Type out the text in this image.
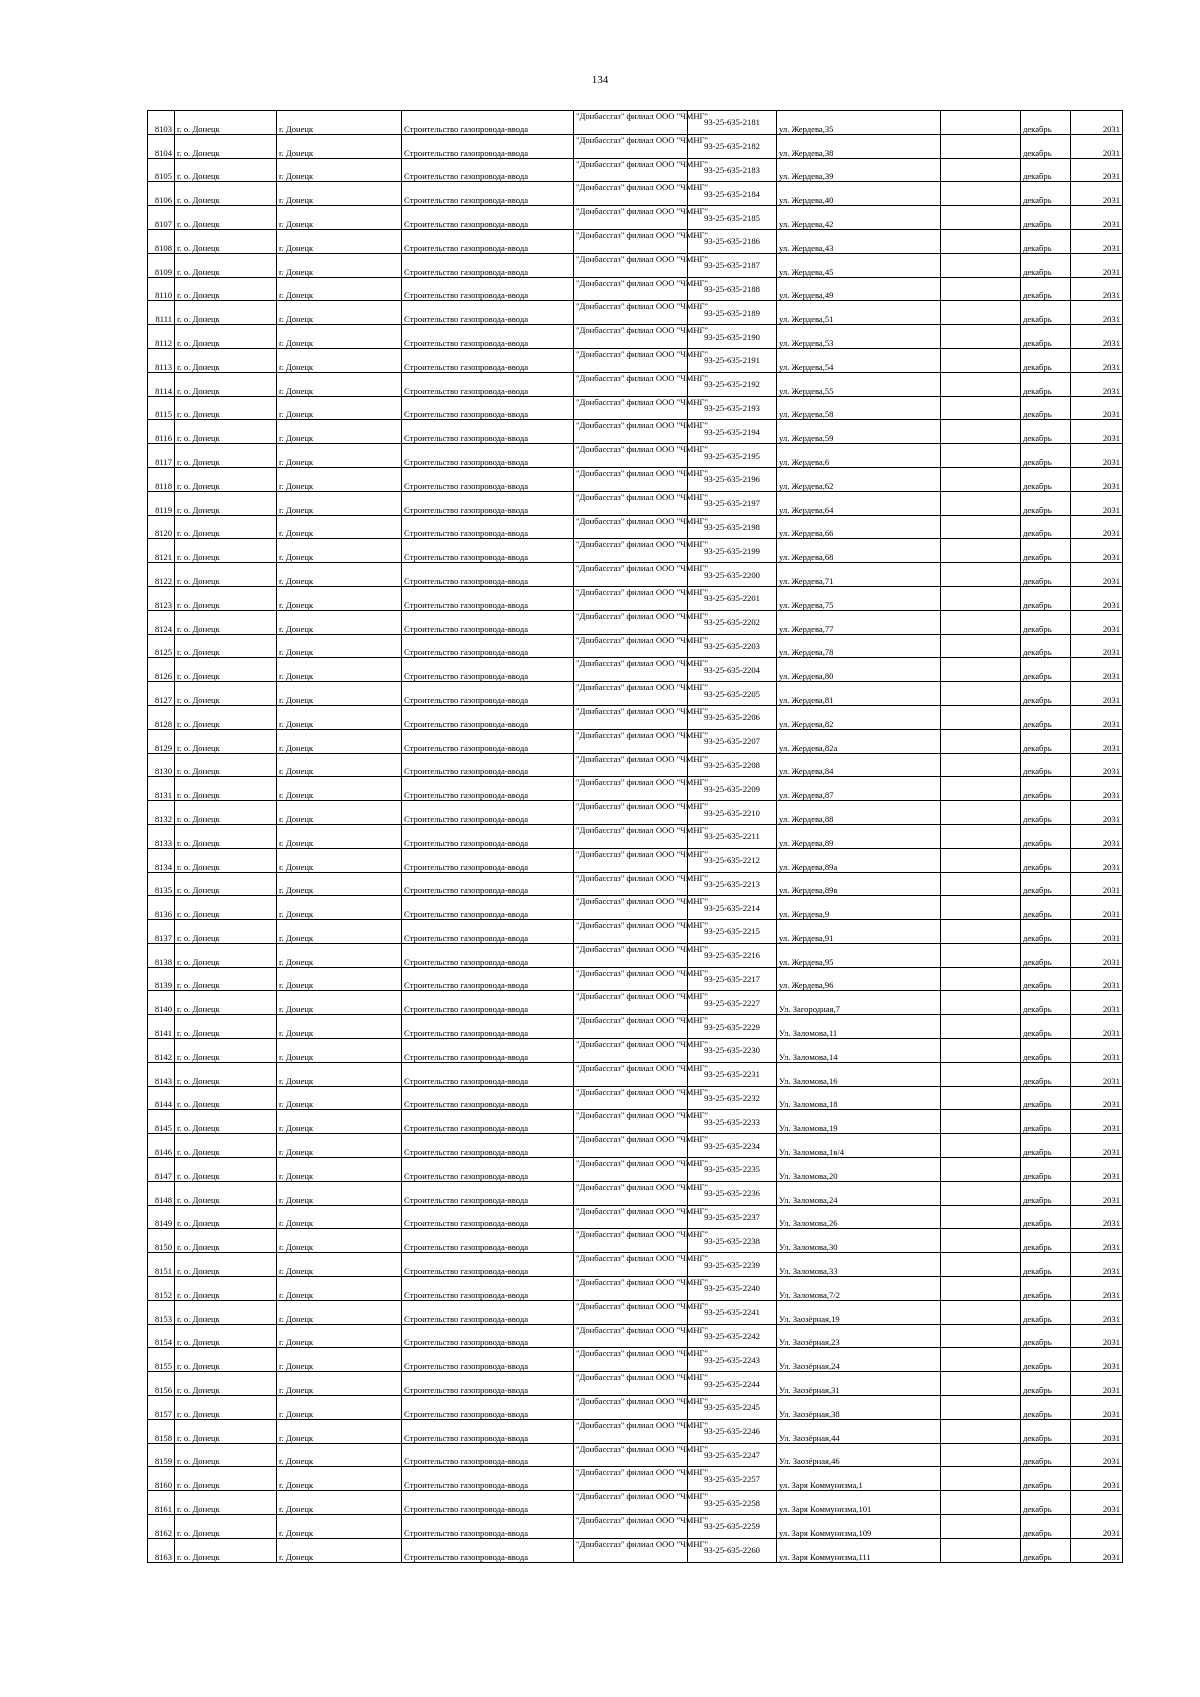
134
8103	г. о. Донецк	г. Донецк	Строительство газопровода-ввода	"Донбассгаз" филиал ООО "ЧМНГ"	93-25-635-2181	ул. Жердева,35		декабрь	2031
8104	г. о. Донецк	г. Донецк	Строительство газопровода-ввода	"Донбассгаз" филиал ООО "ЧМНГ"	93-25-635-2182	ул. Жердева,38		декабрь	2031
8105	г. о. Донецк	г. Донецк	Строительство газопровода-ввода	"Донбассгаз" филиал ООО "ЧМНГ"	93-25-635-2183	ул. Жердева,39		декабрь	2031
8106	г. о. Донецк	г. Донецк	Строительство газопровода-ввода	"Донбассгаз" филиал ООО "ЧМНГ"	93-25-635-2184	ул. Жердева,40		декабрь	2031
8107	г. о. Донецк	г. Донецк	Строительство газопровода-ввода	"Донбассгаз" филиал ООО "ЧМНГ"	93-25-635-2185	ул. Жердева,42		декабрь	2031
8108	г. о. Донецк	г. Донецк	Строительство газопровода-ввода	"Донбассгаз" филиал ООО "ЧМНГ"	93-25-635-2186	ул. Жердева,43		декабрь	2031
8109	г. о. Донецк	г. Донецк	Строительство газопровода-ввода	"Донбассгаз" филиал ООО "ЧМНГ"	93-25-635-2187	ул. Жердева,45		декабрь	2031
8110	г. о. Донецк	г. Донецк	Строительство газопровода-ввода	"Донбассгаз" филиал ООО "ЧМНГ"	93-25-635-2188	ул. Жердева,49		декабрь	2031
8111	г. о. Донецк	г. Донецк	Строительство газопровода-ввода	"Донбассгаз" филиал ООО "ЧМНГ"	93-25-635-2189	ул. Жердева,51		декабрь	2031
8112	г. о. Донецк	г. Донецк	Строительство газопровода-ввода	"Донбассгаз" филиал ООО "ЧМНГ"	93-25-635-2190	ул. Жердева,53		декабрь	2031
8113	г. о. Донецк	г. Донецк	Строительство газопровода-ввода	"Донбассгаз" филиал ООО "ЧМНГ"	93-25-635-2191	ул. Жердева,54		декабрь	2031
8114	г. о. Донецк	г. Донецк	Строительство газопровода-ввода	"Донбассгаз" филиал ООО "ЧМНГ"	93-25-635-2192	ул. Жердева,55		декабрь	2031
8115	г. о. Донецк	г. Донецк	Строительство газопровода-ввода	"Донбассгаз" филиал ООО "ЧМНГ"	93-25-635-2193	ул. Жердева,58		декабрь	2031
8116	г. о. Донецк	г. Донецк	Строительство газопровода-ввода	"Донбассгаз" филиал ООО "ЧМНГ"	93-25-635-2194	ул. Жердева,59		декабрь	2031
8117	г. о. Донецк	г. Донецк	Строительство газопровода-ввода	"Донбассгаз" филиал ООО "ЧМНГ"	93-25-635-2195	ул. Жердева,6		декабрь	2031
8118	г. о. Донецк	г. Донецк	Строительство газопровода-ввода	"Донбассгаз" филиал ООО "ЧМНГ"	93-25-635-2196	ул. Жердева,62		декабрь	2031
8119	г. о. Донецк	г. Донецк	Строительство газопровода-ввода	"Донбассгаз" филиал ООО "ЧМНГ"	93-25-635-2197	ул. Жердева,64		декабрь	2031
8120	г. о. Донецк	г. Донецк	Строительство газопровода-ввода	"Донбассгаз" филиал ООО "ЧМНГ"	93-25-635-2198	ул. Жердева,66		декабрь	2031
8121	г. о. Донецк	г. Донецк	Строительство газопровода-ввода	"Донбассгаз" филиал ООО "ЧМНГ"	93-25-635-2199	ул. Жердева,68		декабрь	2031
8122	г. о. Донецк	г. Донецк	Строительство газопровода-ввода	"Донбассгаз" филиал ООО "ЧМНГ"	93-25-635-2200	ул. Жердева,71		декабрь	2031
8123	г. о. Донецк	г. Донецк	Строительство газопровода-ввода	"Донбассгаз" филиал ООО "ЧМНГ"	93-25-635-2201	ул. Жердева,75		декабрь	2031
8124	г. о. Донецк	г. Донецк	Строительство газопровода-ввода	"Донбассгаз" филиал ООО "ЧМНГ"	93-25-635-2202	ул. Жердева,77		декабрь	2031
8125	г. о. Донецк	г. Донецк	Строительство газопровода-ввода	"Донбассгаз" филиал ООО "ЧМНГ"	93-25-635-2203	ул. Жердева,78		декабрь	2031
8126	г. о. Донецк	г. Донецк	Строительство газопровода-ввода	"Донбассгаз" филиал ООО "ЧМНГ"	93-25-635-2204	ул. Жердева,80		декабрь	2031
8127	г. о. Донецк	г. Донецк	Строительство газопровода-ввода	"Донбассгаз" филиал ООО "ЧМНГ"	93-25-635-2205	ул. Жердева,81		декабрь	2031
8128	г. о. Донецк	г. Донецк	Строительство газопровода-ввода	"Донбассгаз" филиал ООО "ЧМНГ"	93-25-635-2206	ул. Жердева,82		декабрь	2031
8129	г. о. Донецк	г. Донецк	Строительство газопровода-ввода	"Донбассгаз" филиал ООО "ЧМНГ"	93-25-635-2207	ул. Жердева,82а		декабрь	2031
8130	г. о. Донецк	г. Донецк	Строительство газопровода-ввода	"Донбассгаз" филиал ООО "ЧМНГ"	93-25-635-2208	ул. Жердева,84		декабрь	2031
8131	г. о. Донецк	г. Донецк	Строительство газопровода-ввода	"Донбассгаз" филиал ООО "ЧМНГ"	93-25-635-2209	ул. Жердева,87		декабрь	2031
8132	г. о. Донецк	г. Донецк	Строительство газопровода-ввода	"Донбассгаз" филиал ООО "ЧМНГ"	93-25-635-2210	ул. Жердева,88		декабрь	2031
8133	г. о. Донецк	г. Донецк	Строительство газопровода-ввода	"Донбассгаз" филиал ООО "ЧМНГ"	93-25-635-2211	ул. Жердева,89		декабрь	2031
8134	г. о. Донецк	г. Донецк	Строительство газопровода-ввода	"Донбассгаз" филиал ООО "ЧМНГ"	93-25-635-2212	ул. Жердева,89а		декабрь	2031
8135	г. о. Донецк	г. Донецк	Строительство газопровода-ввода	"Донбассгаз" филиал ООО "ЧМНГ"	93-25-635-2213	ул. Жердева,89в		декабрь	2031
8136	г. о. Донецк	г. Донецк	Строительство газопровода-ввода	"Донбассгаз" филиал ООО "ЧМНГ"	93-25-635-2214	ул. Жердева,9		декабрь	2031
8137	г. о. Донецк	г. Донецк	Строительство газопровода-ввода	"Донбассгаз" филиал ООО "ЧМНГ"	93-25-635-2215	ул. Жердева,91		декабрь	2031
8138	г. о. Донецк	г. Донецк	Строительство газопровода-ввода	"Донбассгаз" филиал ООО "ЧМНГ"	93-25-635-2216	ул. Жердева,95		декабрь	2031
8139	г. о. Донецк	г. Донецк	Строительство газопровода-ввода	"Донбассгаз" филиал ООО "ЧМНГ"	93-25-635-2217	ул. Жердева,96		декабрь	2031
8140	г. о. Донецк	г. Донецк	Строительство газопровода-ввода	"Донбассгаз" филиал ООО "ЧМНГ"	93-25-635-2227	Ул. Загородная,7		декабрь	2031
8141	г. о. Донецк	г. Донецк	Строительство газопровода-ввода	"Донбассгаз" филиал ООО "ЧМНГ"	93-25-635-2229	Ул. Заломова,11		декабрь	2031
8142	г. о. Донецк	г. Донецк	Строительство газопровода-ввода	"Донбассгаз" филиал ООО "ЧМНГ"	93-25-635-2230	Ул. Заломова,14		декабрь	2031
8143	г. о. Донецк	г. Донецк	Строительство газопровода-ввода	"Донбассгаз" филиал ООО "ЧМНГ"	93-25-635-2231	Ул. Заломова,16		декабрь	2031
8144	г. о. Донецк	г. Донецк	Строительство газопровода-ввода	"Донбассгаз" филиал ООО "ЧМНГ"	93-25-635-2232	Ул. Заломова,18		декабрь	2031
8145	г. о. Донецк	г. Донецк	Строительство газопровода-ввода	"Донбассгаз" филиал ООО "ЧМНГ"	93-25-635-2233	Ул. Заломова,19		декабрь	2031
8146	г. о. Донецк	г. Донецк	Строительство газопровода-ввода	"Донбассгаз" филиал ООО "ЧМНГ"	93-25-635-2234	Ул. Заломова,1в/4		декабрь	2031
8147	г. о. Донецк	г. Донецк	Строительство газопровода-ввода	"Донбассгаз" филиал ООО "ЧМНГ"	93-25-635-2235	Ул. Заломова,20		декабрь	2031
8148	г. о. Донецк	г. Донецк	Строительство газопровода-ввода	"Донбассгаз" филиал ООО "ЧМНГ"	93-25-635-2236	Ул. Заломова,24		декабрь	2031
8149	г. о. Донецк	г. Донецк	Строительство газопровода-ввода	"Донбассгаз" филиал ООО "ЧМНГ"	93-25-635-2237	Ул. Заломова,26		декабрь	2031
8150	г. о. Донецк	г. Донецк	Строительство газопровода-ввода	"Донбассгаз" филиал ООО "ЧМНГ"	93-25-635-2238	Ул. Заломова,30		декабрь	2031
8151	г. о. Донецк	г. Донецк	Строительство газопровода-ввода	"Донбассгаз" филиал ООО "ЧМНГ"	93-25-635-2239	Ул. Заломова,33		декабрь	2031
8152	г. о. Донецк	г. Донецк	Строительство газопровода-ввода	"Донбассгаз" филиал ООО "ЧМНГ"	93-25-635-2240	Ул. Заломова,7/2		декабрь	2031
8153	г. о. Донецк	г. Донецк	Строительство газопровода-ввода	"Донбассгаз" филиал ООО "ЧМНГ"	93-25-635-2241	Ул. Заозёрная,19		декабрь	2031
8154	г. о. Донецк	г. Донецк	Строительство газопровода-ввода	"Донбассгаз" филиал ООО "ЧМНГ"	93-25-635-2242	Ул. Заозёрная,23		декабрь	2031
8155	г. о. Донецк	г. Донецк	Строительство газопровода-ввода	"Донбассгаз" филиал ООО "ЧМНГ"	93-25-635-2243	Ул. Заозёрная,24		декабрь	2031
8156	г. о. Донецк	г. Донецк	Строительство газопровода-ввода	"Донбассгаз" филиал ООО "ЧМНГ"	93-25-635-2244	Ул. Заозёрная,31		декабрь	2031
8157	г. о. Донецк	г. Донецк	Строительство газопровода-ввода	"Донбассгаз" филиал ООО "ЧМНГ"	93-25-635-2245	Ул. Заозёрная,38		декабрь	2031
8158	г. о. Донецк	г. Донецк	Строительство газопровода-ввода	"Донбассгаз" филиал ООО "ЧМНГ"	93-25-635-2246	Ул. Заозёрная,44		декабрь	2031
8159	г. о. Донецк	г. Донецк	Строительство газопровода-ввода	"Донбассгаз" филиал ООО "ЧМНГ"	93-25-635-2247	Ул. Заозёрная,46		декабрь	2031
8160	г. о. Донецк	г. Донецк	Строительство газопровода-ввода	"Донбассгаз" филиал ООО "ЧМНГ"	93-25-635-2257	ул. Заря Коммунизма,1		декабрь	2031
8161	г. о. Донецк	г. Донецк	Строительство газопровода-ввода	"Донбассгаз" филиал ООО "ЧМНГ"	93-25-635-2258	ул. Заря Коммунизма,101		декабрь	2031
8162	г. о. Донецк	г. Донецк	Строительство газопровода-ввода	"Донбассгаз" филиал ООО "ЧМНГ"	93-25-635-2259	ул. Заря Коммунизма,109		декабрь	2031
8163	г. о. Донецк	г. Донецк	Строительство газопровода-ввода	"Донбассгаз" филиал ООО "ЧМНГ"	93-25-635-2260	ул. Заря Коммунизма,111		декабрь	2031
